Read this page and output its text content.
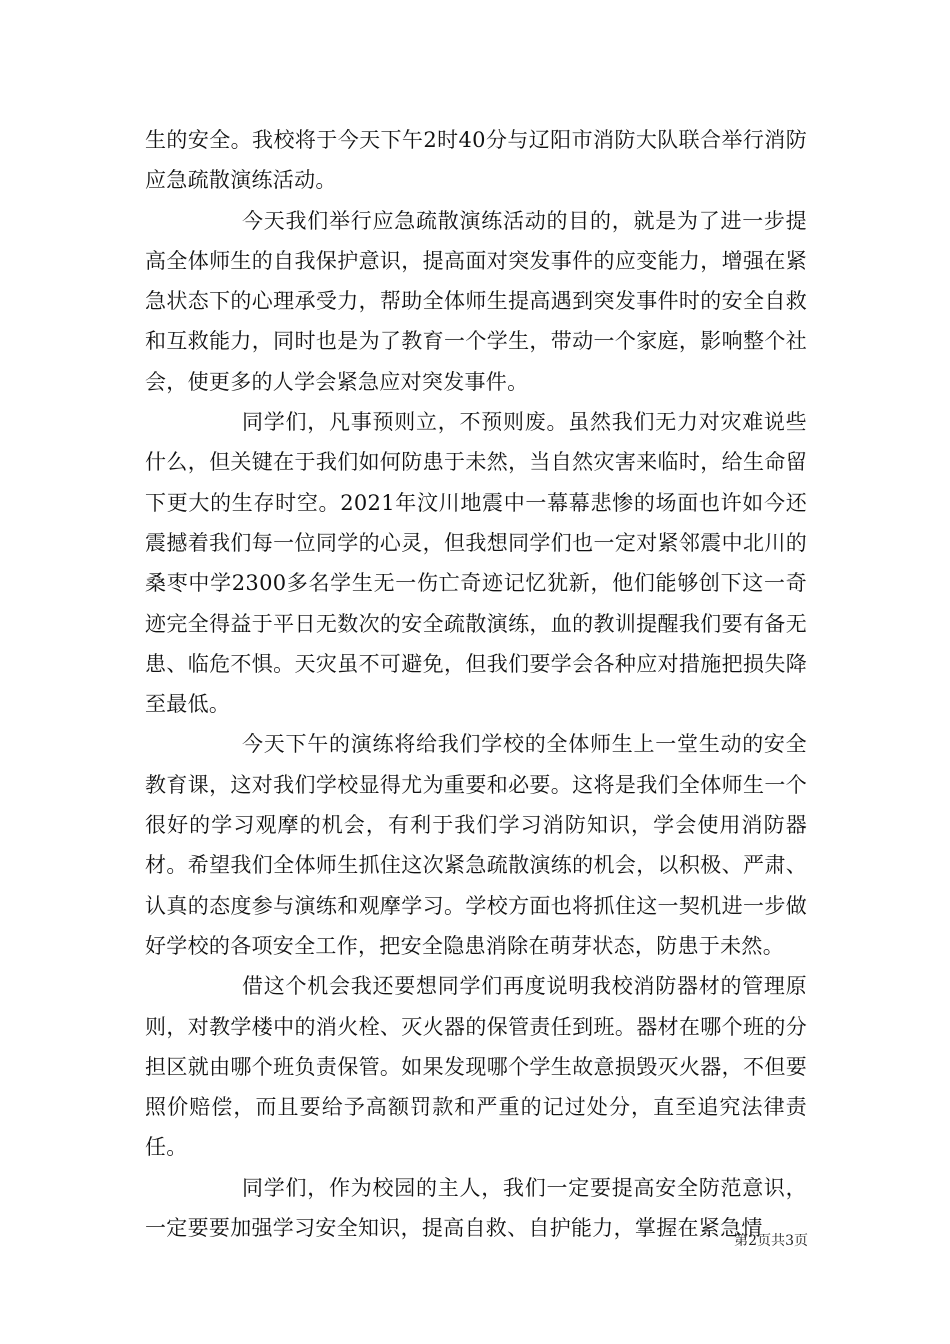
生的安全。我校将于今天下午2时40分与辽阳市消防大队联合举行消防应急疏散演练活动。

今天我们举行应急疏散演练活动的目的，就是为了进一步提高全体师生的自我保护意识，提高面对突发事件的应变能力，增强在紧急状态下的心理承受力，帮助全体师生提高遇到突发事件时的安全自救和互救能力，同时也是为了教育一个学生，带动一个家庭，影响整个社会，使更多的人学会紧急应对突发事件。

同学们，凡事预则立，不预则废。虽然我们无力对灾难说些什么，但关键在于我们如何防患于未然，当自然灾害来临时，给生命留下更大的生存时空。2021年汶川地震中一幕幕悲惨的场面也许如今还震撼着我们每一位同学的心灵，但我想同学们也一定对紧邻震中北川的桑枣中学2300多名学生无一伤亡奇迹记忆犹新，他们能够创下这一奇迹完全得益于平日无数次的安全疏散演练，血的教训提醒我们要有备无患、临危不惧。天灾虽不可避免，但我们要学会各种应对措施把损失降至最低。

今天下午的演练将给我们学校的全体师生上一堂生动的安全教育课，这对我们学校显得尤为重要和必要。这将是我们全体师生一个很好的学习观摩的机会，有利于我们学习消防知识，学会使用消防器材。希望我们全体师生抓住这次紧急疏散演练的机会，以积极、严肃、认真的态度参与演练和观摩学习。学校方面也将抓住这一契机进一步做好学校的各项安全工作，把安全隐患消除在萌芽状态，防患于未然。

借这个机会我还要想同学们再度说明我校消防器材的管理原则，对教学楼中的消火栓、灭火器的保管责任到班。器材在哪个班的分担区就由哪个班负责保管。如果发现哪个学生故意损毁灭火器，不但要照价赔偿，而且要给予高额罚款和严重的记过处分，直至追究法律责任。

同学们，作为校园的主人，我们一定要提高安全防范意识，一定要要加强学习安全知识，提高自救、自护能力，掌握在紧急情

第2页共3页
